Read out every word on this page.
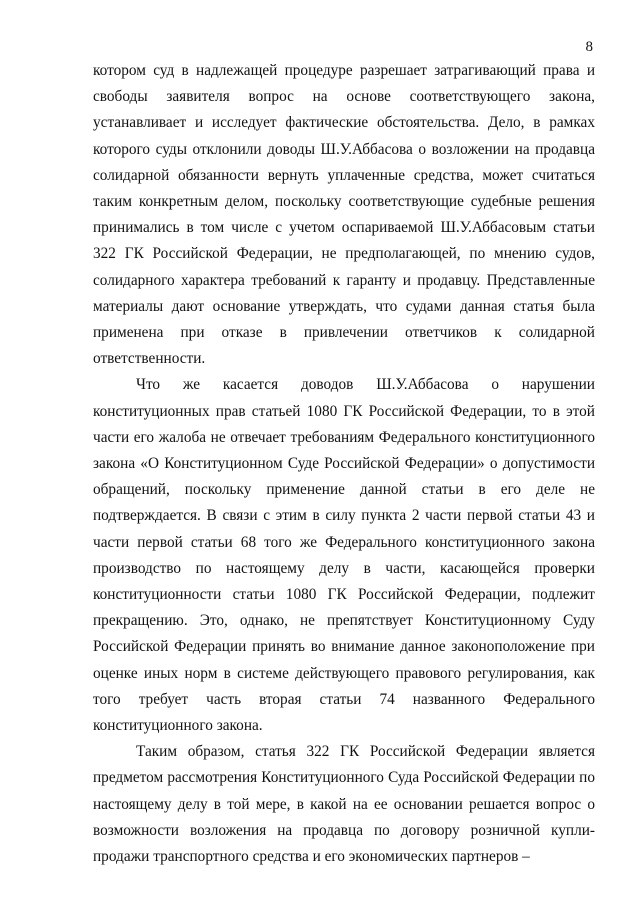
8

котором суд в надлежащей процедуре разрешает затрагивающий права и свободы заявителя вопрос на основе соответствующего закона, устанавливает и исследует фактические обстоятельства. Дело, в рамках которого суды отклонили доводы Ш.У.Аббасова о возложении на продавца солидарной обязанности вернуть уплаченные средства, может считаться таким конкретным делом, поскольку соответствующие судебные решения принимались в том числе с учетом оспариваемой Ш.У.Аббасовым статьи 322 ГК Российской Федерации, не предполагающей, по мнению судов, солидарного характера требований к гаранту и продавцу. Представленные материалы дают основание утверждать, что судами данная статья была применена при отказе в привлечении ответчиков к солидарной ответственности.

Что же касается доводов Ш.У.Аббасова о нарушении конституционных прав статьей 1080 ГК Российской Федерации, то в этой части его жалоба не отвечает требованиям Федерального конституционного закона «О Конституционном Суде Российской Федерации» о допустимости обращений, поскольку применение данной статьи в его деле не подтверждается. В связи с этим в силу пункта 2 части первой статьи 43 и части первой статьи 68 того же Федерального конституционного закона производство по настоящему делу в части, касающейся проверки конституционности статьи 1080 ГК Российской Федерации, подлежит прекращению. Это, однако, не препятствует Конституционному Суду Российской Федерации принять во внимание данное законоположение при оценке иных норм в системе действующего правового регулирования, как того требует часть вторая статьи 74 названного Федерального конституционного закона.

Таким образом, статья 322 ГК Российской Федерации является предметом рассмотрения Конституционного Суда Российской Федерации по настоящему делу в той мере, в какой на ее основании решается вопрос о возможности возложения на продавца по договору розничной купли-продажи транспортного средства и его экономических партнеров –
